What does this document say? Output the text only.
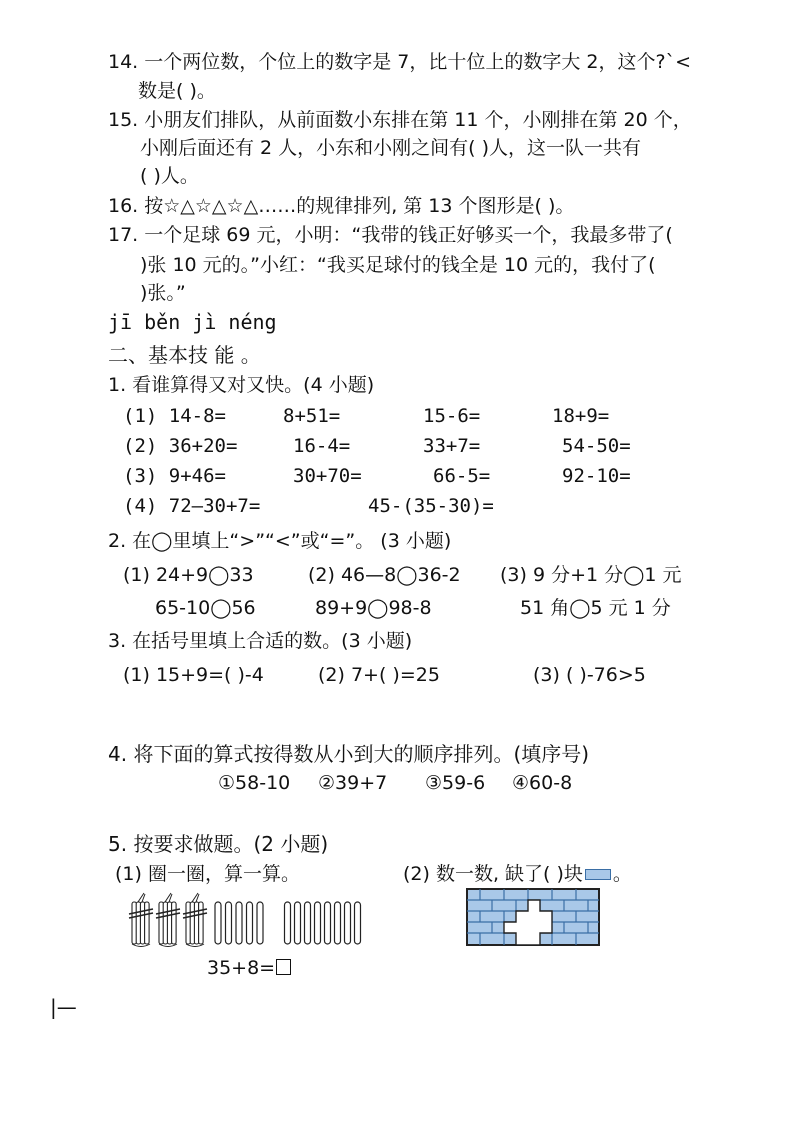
14. 一个两位数，个位上的数字是 7，比十位上的数字大 2，这个?`<
数是( )。
15. 小朋友们排队，从前面数小东排在第 11 个，小刚排在第 20 个，
小刚后面还有 2 人，小东和小刚之间有( )人，这一队一共有
( )人。
16. 按☆△☆△☆△……的规律排列, 第 13 个图形是( )。
17. 一个足球 69 元，小明：“我带的钱正好够买一个，我最多带了(
)张 10 元的。”小红：“我买足球付的钱全是 10 元的，我付了(
)张。”
jī běn jì néng
二、基本技 能 。
1. 看谁算得又对又快。(4 小题)
(1) 14-8=	8+51=	15-6=	18+9=
(2) 36+20=	16-4=	33+7=	54-50=
(3) 9+46=	30+70=	66-5=	92-10=
(4) 72—30+7=	45-(35-30)=
2. 在◯里填上“>”“<”或“=”。 (3 小题)
(1) 24+9◯33	(2) 46—8◯36-2 (3) 9 分+1 分◯1 元
65-10◯56	89+9◯98-8	51 角◯5 元 1 分
3. 在括号里填上合适的数。(3 小题)
(1) 15+9=( )-4	(2) 7+( )=25	(3) ( )-76>5
4. 将下面的算式按得数从小到大的顺序排列。(填序号)
①58-10 ②39+7 ③59-6 ④60-8
5. 按要求做题。(2 小题)
(1) 圈一圈，算一算。	(2) 数一数, 缺了( )块 。
35+8=
|—
